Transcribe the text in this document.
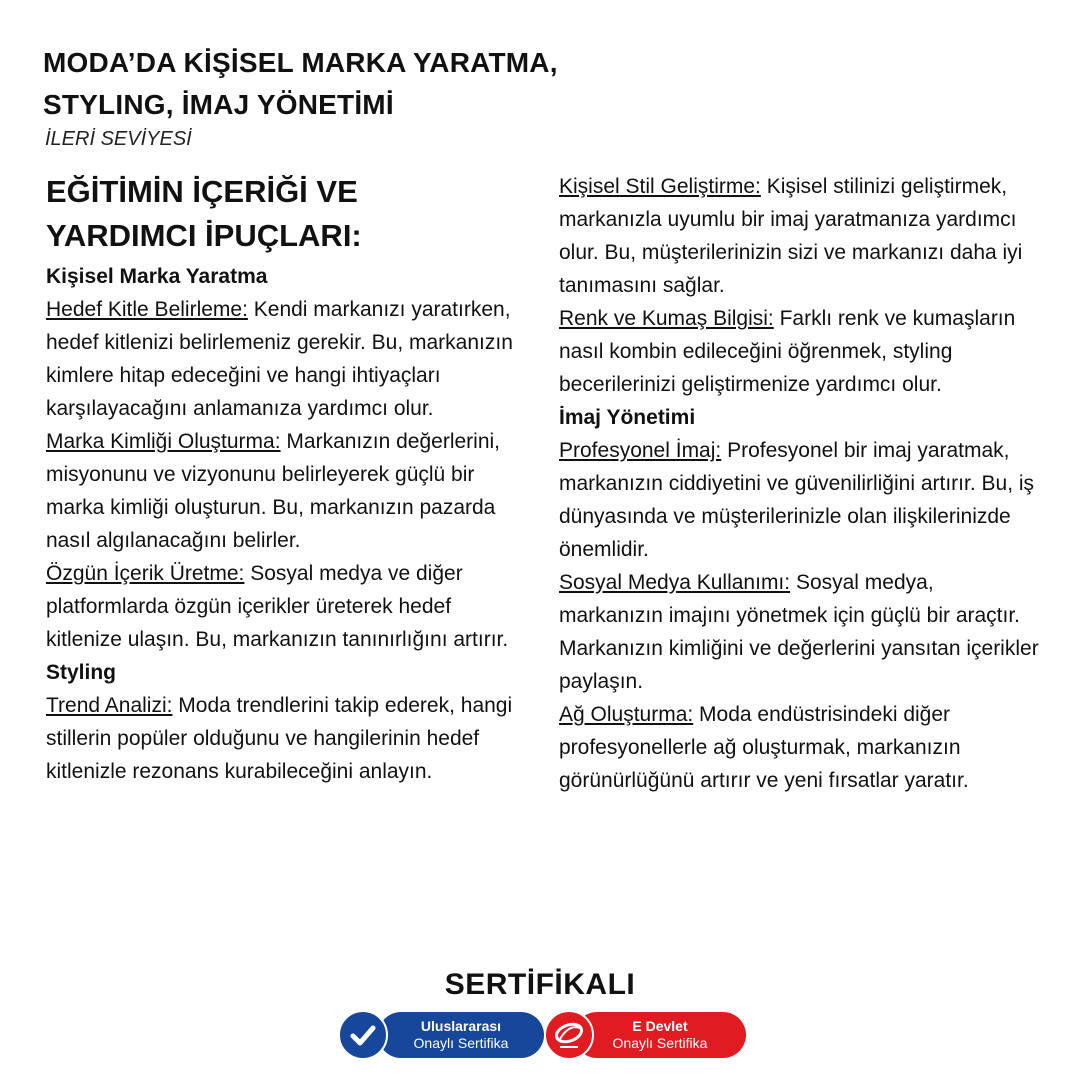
MODA’DA KİŞİSEL MARKA YARATMA,
STYLING, İMAJ YÖNETİMİ
İLERİ SEVİYESİ
EĞİTİMİN İÇERİĞİ VE
YARDIMCI İPUÇLARI:
Kişisel Marka Yaratma
Hedef Kitle Belirleme: Kendi markanızı yaratırken, hedef kitlenizi belirlemeniz gerekir. Bu, markanızın kimlere hitap edeceğini ve hangi ihtiyaçları karşılayacağını anlamanıza yardımcı olur.
Marka Kimliği Oluşturma: Markanızın değerlerini, misyonunu ve vizyonunu belirleyerek güçlü bir marka kimliği oluşturun. Bu, markanızın pazarda nasıl algılanacağını belirler.
Özgün İçerik Üretme: Sosyal medya ve diğer platformlarda özgün içerikler üreterek hedef kitlenize ulaşın. Bu, markanızın tanınırlığını artırır.
Styling
Trend Analizi: Moda trendlerini takip ederek, hangi stillerin popüler olduğunu ve hangilerinin hedef kitlenizle rezonans kurabileceğini anlayın.
Kişisel Stil Geliştirme: Kişisel stilinizi geliştirmek, markanızla uyumlu bir imaj yaratmanıza yardımcı olur. Bu, müşterilerinizin sizi ve markanızı daha iyi tanımasını sağlar.
Renk ve Kumaş Bilgisi: Farklı renk ve kumaşların nasıl kombin edileceğini öğrenmek, styling becerilerinizi geliştirmenize yardımcı olur.
İmaj Yönetimi
Profesyonel İmaj: Profesyonel bir imaj yaratmak, markanızın ciddiyetini ve güvenilirliğini artırır. Bu, iş dünyasında ve müşterilerinizle olan ilişkilerinizde önemlidir.
Sosyal Medya Kullanımı: Sosyal medya, markanızın imajını yönetmek için güçlü bir araçtır. Markanızın kimliğini ve değerlerini yansıtan içerikler paylaşın.
Ağ Oluşturma: Moda endüstrisindeki diğer profesyonellerle ağ oluşturmak, markanızın görünürlüğünü artırır ve yeni fırsatlar yaratır.
SERTİFİKALI
Uluslararası
Onaylı Sertifika
E Devlet
Onaylı Sertifika
